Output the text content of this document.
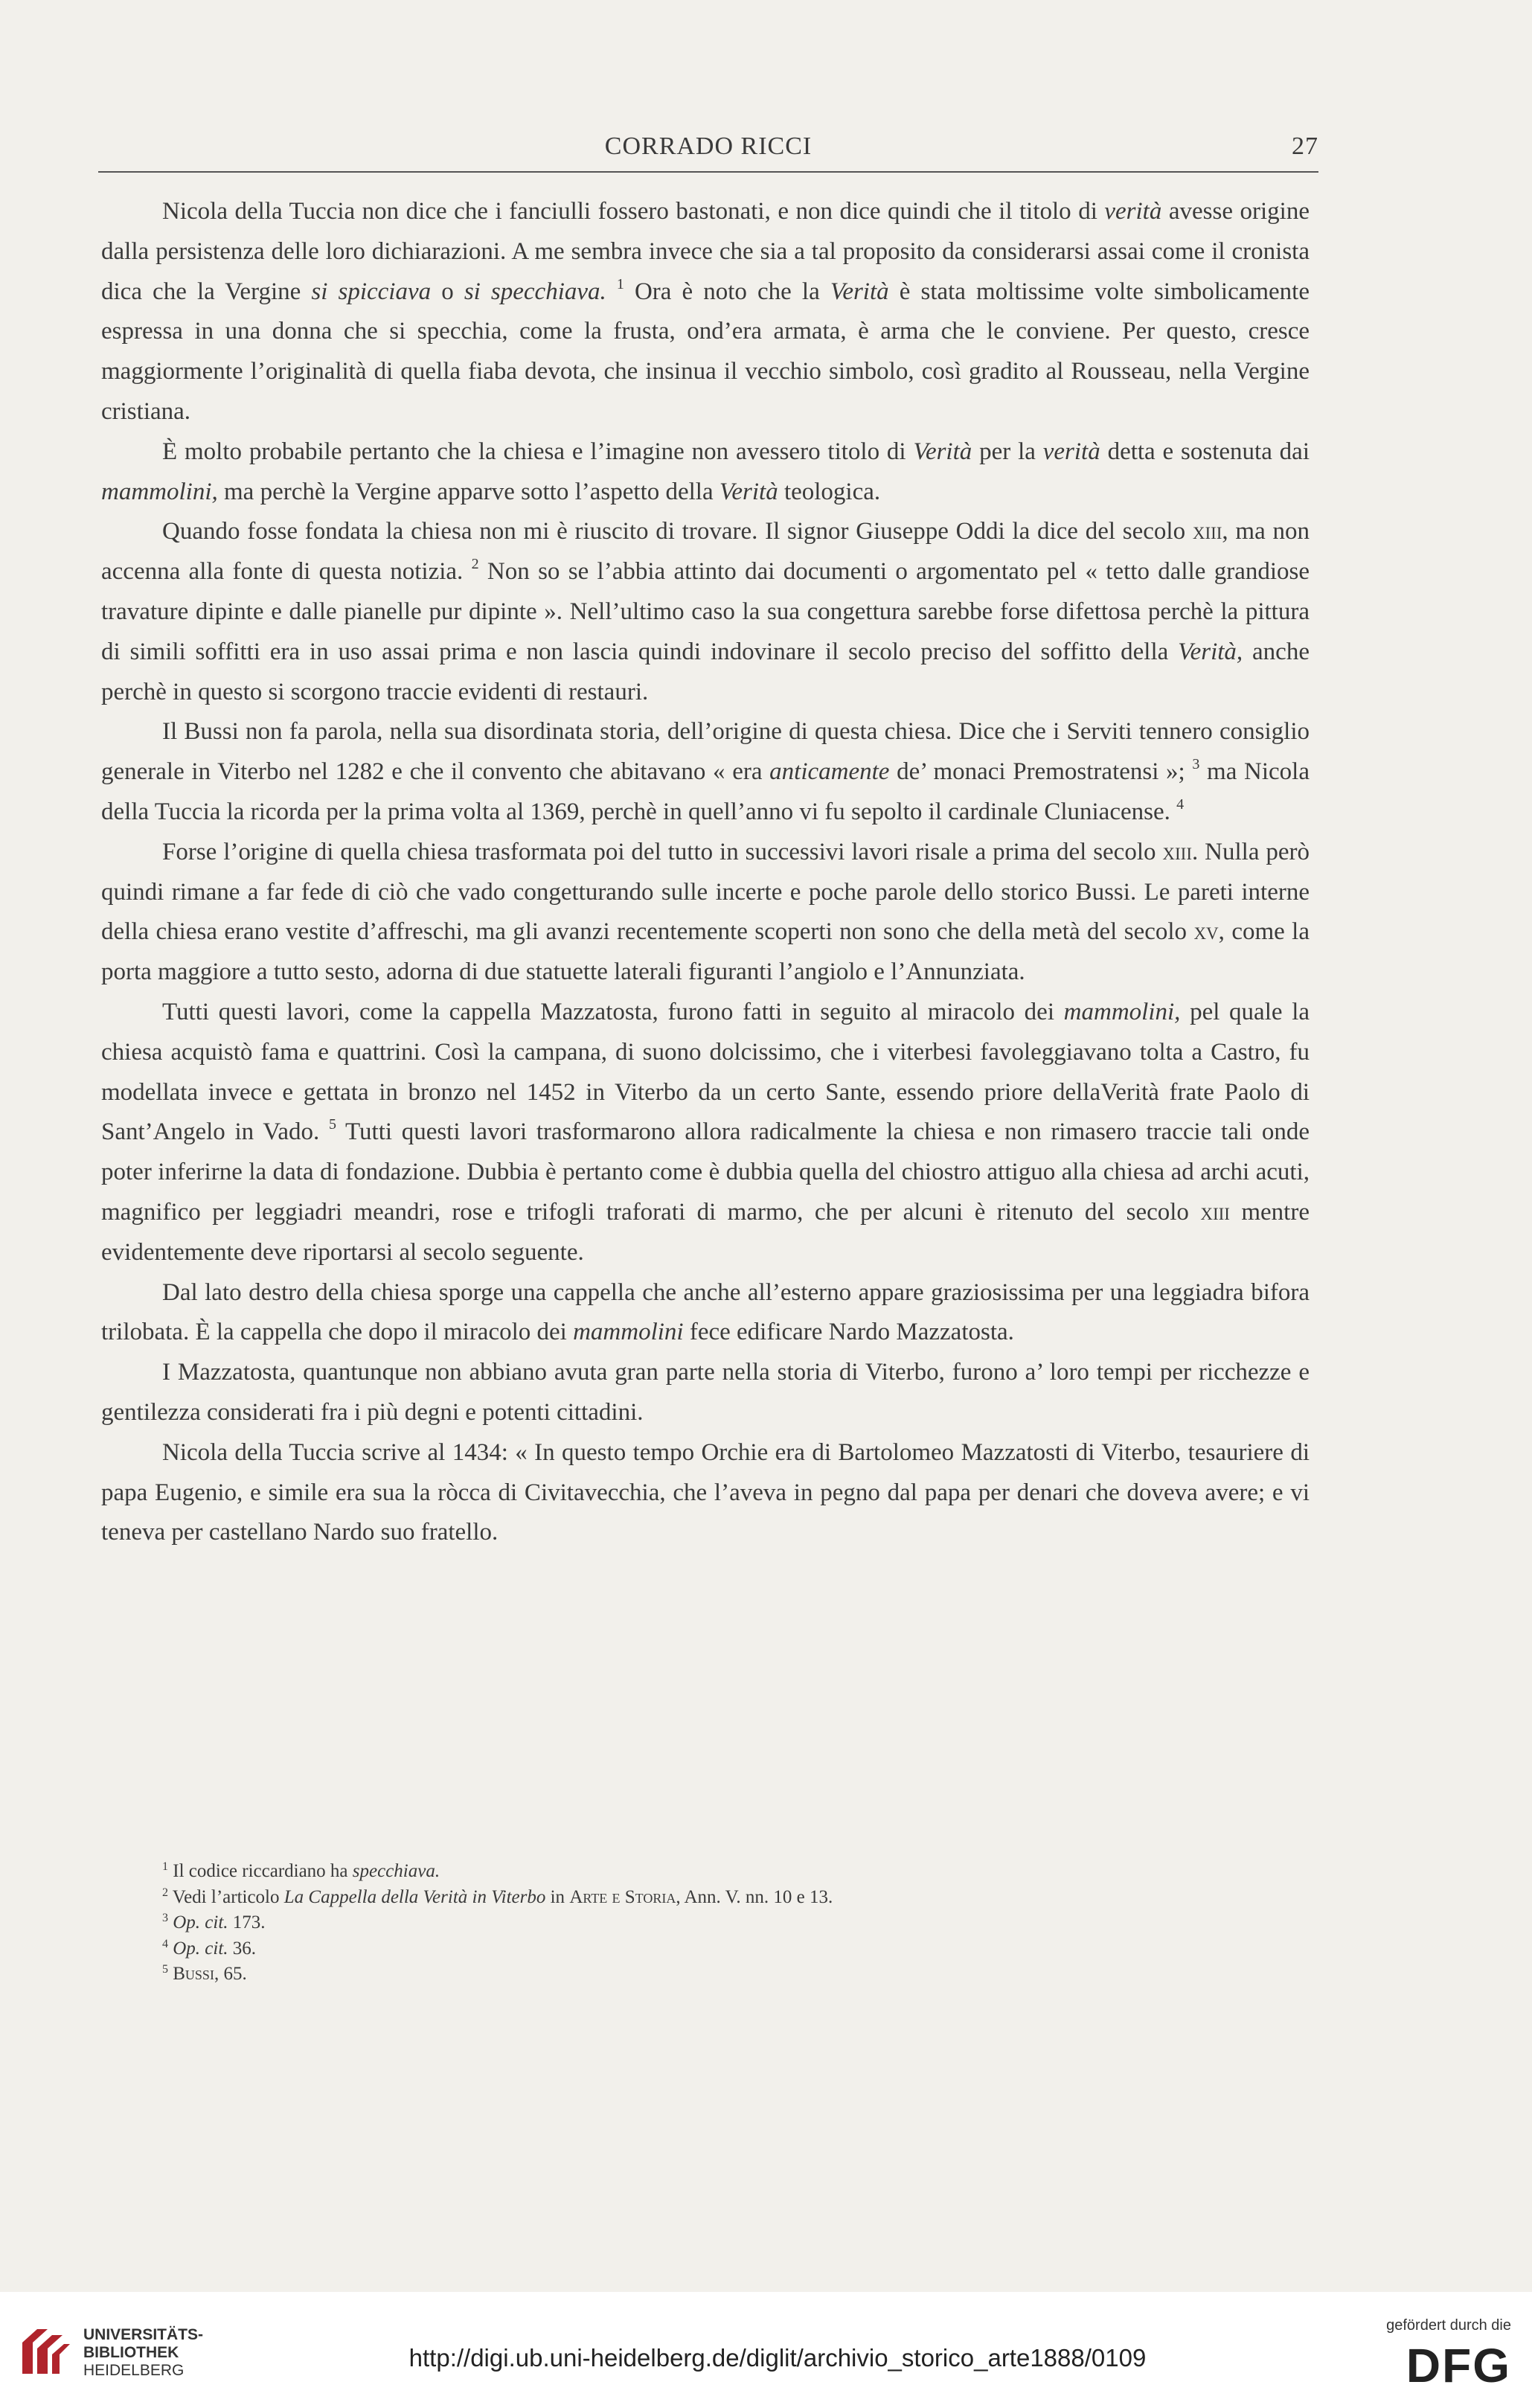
CORRADO RICCI	27

Nicola della Tuccia non dice che i fanciulli fossero bastonati, e non dice quindi che il titolo di verità avesse origine dalla persistenza delle loro dichiarazioni. A me sembra invece che sia a tal proposito da considerarsi assai come il cronista dica che la Vergine si spicciava o si specchiava. $^1$ Ora è noto che la Verità è stata moltissime volte simbolicamente espressa in una donna che si specchia, come la frusta, ond’era armata, è arma che le conviene. Per questo, cresce maggiormente l’originalità di quella fiaba devota, che insinua il vecchio simbolo, così gradito al Rousseau, nella Vergine cristiana.

È molto probabile pertanto che la chiesa e l’imagine non avessero titolo di Verità per la verità detta e sostenuta dai mammolini, ma perchè la Vergine apparve sotto l’aspetto della Verità teologica.

Quando fosse fondata la chiesa non mi è riuscito di trovare. Il signor Giuseppe Oddi la dice del secolo xiii, ma non accenna alla fonte di questa notizia. $^2$ Non so se l’abbia attinto dai documenti o argomentato pel « tetto dalle grandiose travature dipinte e dalle pianelle pur dipinte ». Nell’ultimo caso la sua congettura sarebbe forse difettosa perchè la pittura di simili soffitti era in uso assai prima e non lascia quindi indovinare il secolo preciso del soffitto della Verità, anche perchè in questo si scorgono traccie evidenti di restauri.

Il Bussi non fa parola, nella sua disordinata storia, dell’origine di questa chiesa. Dice che i Serviti tennero consiglio generale in Viterbo nel 1282 e che il convento che abitavano « era anticamente de’ monaci Premostratensi »; $^3$ ma Nicola della Tuccia la ricorda per la prima volta al 1369, perchè in quell’anno vi fu sepolto il cardinale Cluniacense. $^4$

Forse l’origine di quella chiesa trasformata poi del tutto in successivi lavori risale a prima del secolo xiii. Nulla però quindi rimane a far fede di ciò che vado congetturando sulle incerte e poche parole dello storico Bussi. Le pareti interne della chiesa erano vestite d’affreschi, ma gli avanzi recentemente scoperti non sono che della metà del secolo xv, come la porta maggiore a tutto sesto, adorna di due statuette laterali figuranti l’angiolo e l’Annunziata.

Tutti questi lavori, come la cappella Mazzatosta, furono fatti in seguito al miracolo dei mammolini, pel quale la chiesa acquistò fama e quattrini. Così la campana, di suono dolcissimo, che i viterbesi favoleggiavano tolta a Castro, fu modellata invece e gettata in bronzo nel 1452 in Viterbo da un certo Sante, essendo priore dellaVerità frate Paolo di Sant’Angelo in Vado. $^5$ Tutti questi lavori trasformarono allora radicalmente la chiesa e non rimasero traccie tali onde poter inferirne la data di fondazione. Dubbia è pertanto come è dubbia quella del chiostro attiguo alla chiesa ad archi acuti, magnifico per leggiadri meandri, rose e trifogli traforati di marmo, che per alcuni è ritenuto del secolo xiii mentre evidentemente deve riportarsi al secolo seguente.

Dal lato destro della chiesa sporge una cappella che anche all’esterno appare graziosissima per una leggiadra bifora trilobata. È la cappella che dopo il miracolo dei mammolini fece edificare Nardo Mazzatosta.

I Mazzatosta, quantunque non abbiano avuta gran parte nella storia di Viterbo, furono a’ loro tempi per ricchezze e gentilezza considerati fra i più degni e potenti cittadini.

Nicola della Tuccia scrive al 1434: « In questo tempo Orchie era di Bartolomeo Mazzatosti di Viterbo, tesauriere di papa Eugenio, e simile era sua la ròcca di Civitavecchia, che l’aveva in pegno dal papa per denari che doveva avere; e vi teneva per castellano Nardo suo fratello.

$^1$ Il codice riccardiano ha specchiava.
$^2$ Vedi l’articolo La Cappella della Verità in Viterbo in Arte e Storia, Ann. V. nn. 10 e 13.
$^3$ Op. cit. 173.
$^4$ Op. cit. 36.
$^5$ Bussi, 65.
UNIVERSITÄTS-
BIBLIOTHEK
HEIDELBERG	http://digi.ub.uni-heidelberg.de/diglit/archivio_storico_arte1888/0109
gefördert durch die
DFG
